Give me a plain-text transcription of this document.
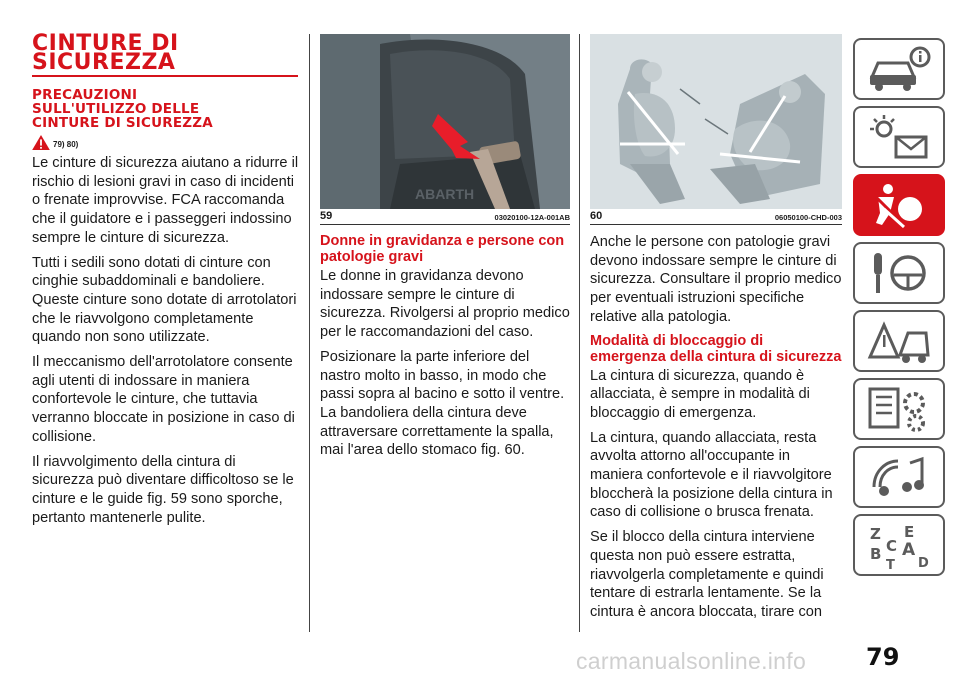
CINTURE DI
SICUREZZA
PRECAUZIONI
SULL'UTILIZZO DELLE
CINTURE DI SICUREZZA
79) 80)

Le cinture di sicurezza aiutano a ridurre il rischio di lesioni gravi in caso di incidenti o frenate improvvise. FCA raccomanda che il guidatore e i passeggeri indossino sempre le cinture di sicurezza.

Tutti i sedili sono dotati di cinture con cinghie subaddominali e bandoliere. Queste cinture sono dotate di arrotolatori che le riavvolgono completamente quando non sono utilizzate.

Il meccanismo dell'arrotolatore consente agli utenti di indossare in maniera confortevole le cinture, che tuttavia verranno bloccate in posizione in caso di collisione.

Il riavvolgimento della cintura di sicurezza può diventare difficoltoso se le cinture e le guide fig. 59 sono sporche, pertanto mantenerle pulite.

ABARTH
59	03020100-12A-001AB
Donne in gravidanza e persone con patologie gravi

Le donne in gravidanza devono indossare sempre le cinture di sicurezza. Rivolgersi al proprio medico per le raccomandazioni del caso.

Posizionare la parte inferiore del nastro molto in basso, in modo che passi sopra al bacino e sotto il ventre. La bandoliera della cintura deve attraversare correttamente la spalla, mai l'area dello stomaco fig. 60.

60	06050100-CHD-003

Anche le persone con patologie gravi devono indossare sempre le cinture di sicurezza. Consultare il proprio medico per eventuali istruzioni specifiche relative alla patologia.

Modalità di bloccaggio di emergenza della cintura di sicurezza

La cintura di sicurezza, quando è allacciata, è sempre in modalità di bloccaggio di emergenza.

La cintura, quando allacciata, resta avvolta attorno all'occupante in maniera confortevole e il riavvolgitore bloccherà la posizione della cintura in caso di collisione o brusca frenata.

Se il blocco della cintura interviene questa non può essere estratta, riavvolgerla completamente e quindi tentare di estrarla lentamente. Se la cintura è ancora bloccata, tirare con

Z E
B C A
T D
carmanualsonline.info 79
